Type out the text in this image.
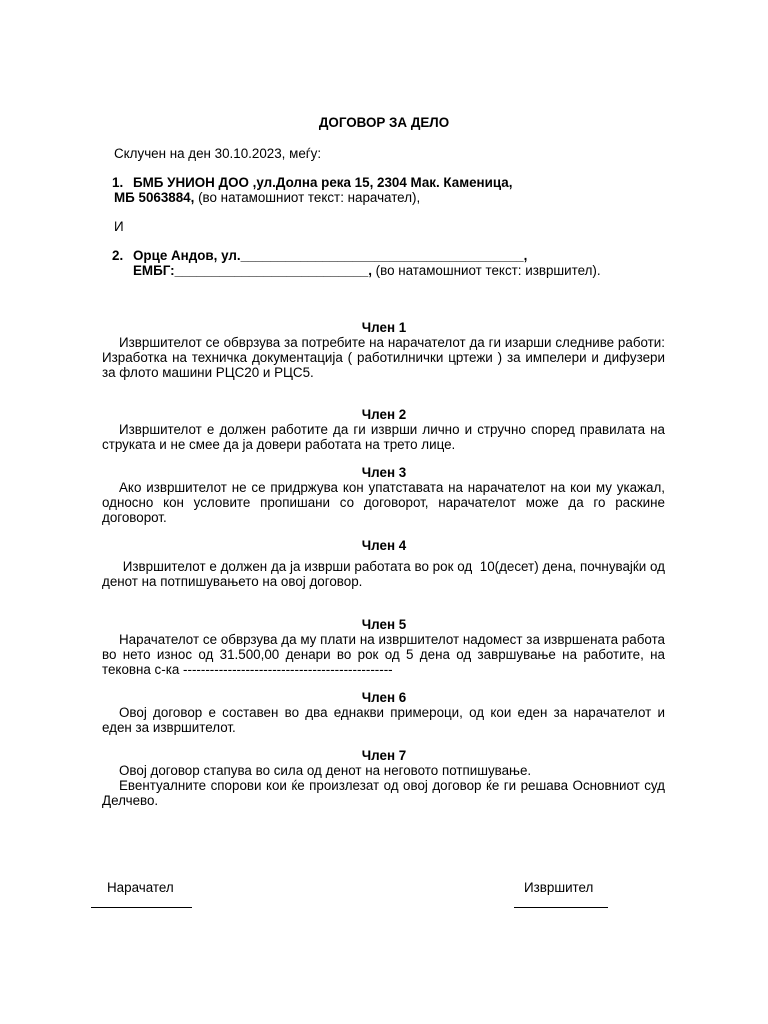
ДОГОВОР ЗА ДЕЛО
Склучен на ден 30.10.2023, меѓу:
1. БМБ УНИОН ДОО ,ул.Долна река 15, 2304 Мак. Каменица,
МБ 5063884, (во натамошниот текст: нарачател),
И
2. Орце Андов, ул.______________________________________,
ЕМБГ:__________________________, (во натамошниот текст: извршител).
Член 1

Извршителот се обврзува за потребите на нарачателот да ги изарши следниве работи: Изработка на техничка документација ( работилнички цртежи ) за импелери и дифузери за флото машини РЦС20 и РЦС5.

Член 2

Извршителот е должен работите да ги изврши лично и стручно според правилата на струката и не смее да ја довери работата на трето лице.

Член 3

Ако извршителот не се придржува кон упатставата на нарачателот на кои му укажал, односно кон условите пропишани со договорот, нарачателот може да го раскине договорот.

Член 4

Извршителот е должен да ја изврши работата во рок од  10(десет) дена, почнувајќи од денот на потпишувањето на овој договор.

Член 5

Нарачателот се обврзува да му плати на извршителот надомест за извршената работа во нето износ од 31.500,00 денари во рок од 5 дена од завршување на работите, на тековна с-ка -----------------------------------------------

Член 6

Овој договор е составен во два еднакви примероци, од кои еден за нарачателот и еден за извршителот.

Член 7

Овој договор стапува во сила од денот на неговото потпишување.

Евентуалните спорови кои ќе произлезат од овој договор ќе ги решава Основниот суд Делчево.

Нарачател	Извршител
